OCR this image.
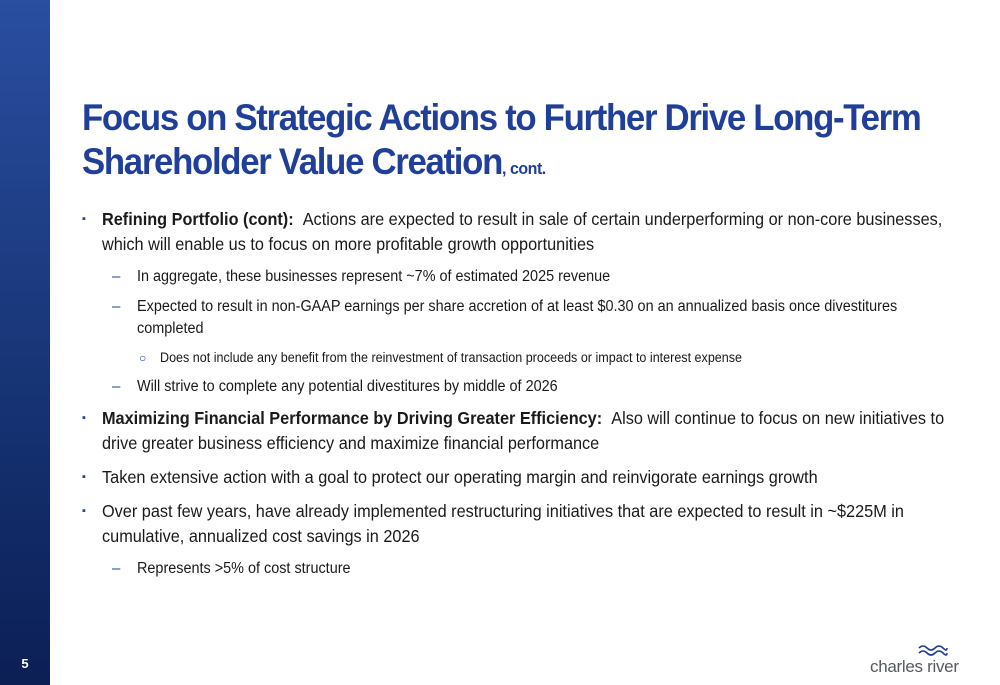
5
Focus on Strategic Actions to Further Drive Long-Term Shareholder Value Creation, cont.
▪ Refining Portfolio (cont): Actions are expected to result in sale of certain underperforming or non-core businesses, which will enable us to focus on more profitable growth opportunities
– In aggregate, these businesses represent ~7% of estimated 2025 revenue
– Expected to result in non-GAAP earnings per share accretion of at least $0.30 on an annualized basis once divestitures completed
○ Does not include any benefit from the reinvestment of transaction proceeds or impact to interest expense
– Will strive to complete any potential divestitures by middle of 2026
▪ Maximizing Financial Performance by Driving Greater Efficiency: Also will continue to focus on new initiatives to drive greater business efficiency and maximize financial performance
▪ Taken extensive action with a goal to protect our operating margin and reinvigorate earnings growth
▪ Over past few years, have already implemented restructuring initiatives that are expected to result in ~$225M in cumulative, annualized cost savings in 2026
– Represents >5% of cost structure
charles river
